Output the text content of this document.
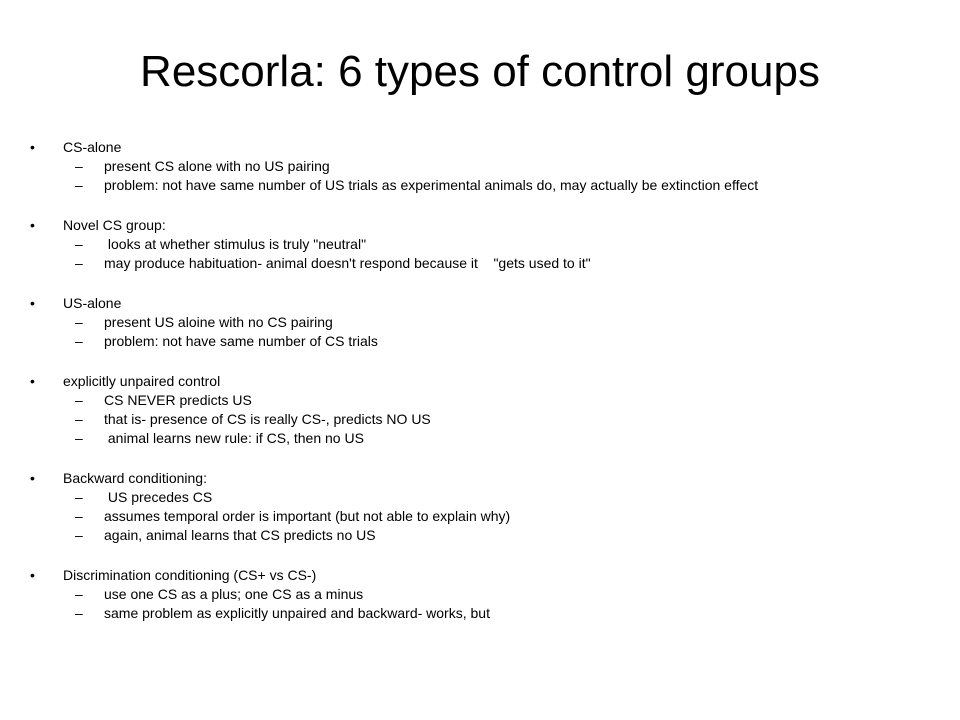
Rescorla: 6 types of control groups

•

CS-alone

–

present CS alone with no US pairing

–

problem: not have same number of US trials as experimental animals do, may actually be extinction effect

•

Novel CS group:

–

looks at whether stimulus is truly "neutral"

–

may produce habituation- animal doesn't respond because it    "gets used to it"

•

US-alone

–

present US aloine with no CS pairing

–

problem: not have same number of CS trials

•

explicitly unpaired control

–

CS NEVER predicts US

–

that is- presence of CS is really CS-, predicts NO US

–

animal learns new rule: if CS, then no US

•

Backward conditioning:

–

US precedes CS

–

assumes temporal order is important (but not able to explain why)

–

again, animal learns that CS predicts no US

•

Discrimination conditioning (CS+ vs CS-)

–

use one CS as a plus; one CS as a minus

–

same problem as explicitly unpaired and backward- works, but
